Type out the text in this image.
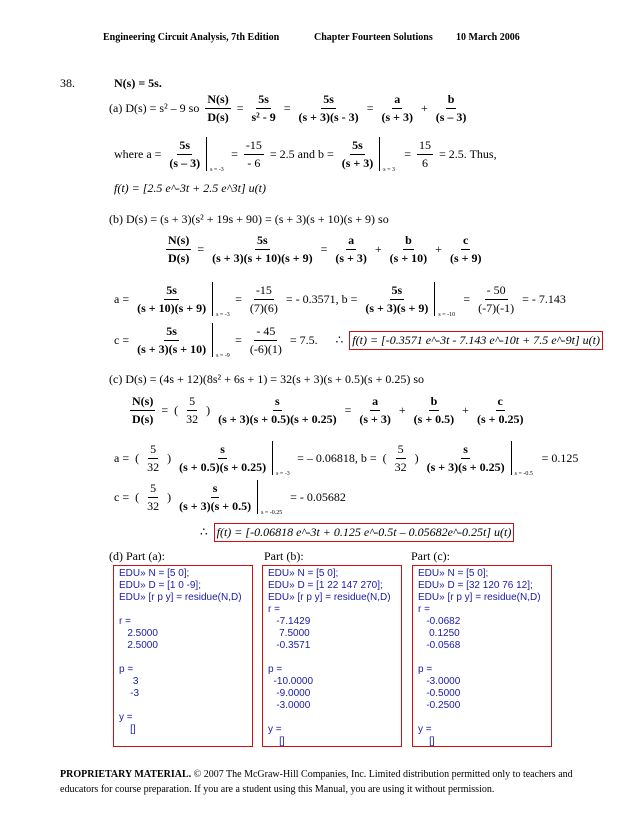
Engineering Circuit Analysis, 7th Edition	Chapter Fourteen Solutions 10 March 2006
38.	N(s) = 5s.
(a) D(s) = s² – 9 so $\frac{N(s)}{D(s)} = \frac{5s}{\text{s² - 9}} = \frac{5s}{(s + 3)(s - 3)} = \frac{a}{(s + 3)} + \frac{b}{(s - 3)}$
where $a = \frac{5s}{(s - 3)}$ s = -3
= $\frac{-15}{- 6} = 2.5$ and $b = \frac{5s}{(s + 3)}$ s = 3
= $\frac{15}{6} = 2.5$. Thus,
f(t) = [2.5 e^-3t + 2.5 e^3t] u(t)
(b) D(s) = (s + 3)(s² + 19s + 90) = (s + 3)(s + 10)(s + 9) so
$\frac{N(s)}{D(s)} = \frac{5s}{(s + 3)(s + 10)(s + 9)} = \frac{a}{(s + 3)} + \frac{b}{(s + 10)} + \frac{c}{(s + 9)}$
$a = \frac{5s}{(s + 10)(s + 9)}$ s = -3
= $\frac{-15}{(7)(6)}$ = - 0.3571, $b = \frac{5s}{(s + 3)(s + 9)}$ s = -10
= $\frac{- 50}{(-7)(-1)}$ = - 7.143
$c = \frac{5s}{(s + 3)(s + 10)}$ s = -9
= $\frac{- 45}{(-6)(1)} = 7.5$. ∴ f(t) = [-0.3571 e^-3t - 7.143 e^-10t + 7.5 e^-9t] u(t)
(c) D(s) = (4s + 12)(8s² + 6s + 1) = 32(s + 3)(s + 0.5)(s + 0.25) so
$\frac{N(s)}{D(s)}$ = ( $\frac{5}{32}$ ) $\frac{s}{(s + 3)(s + 0.5)(s + 0.25)} = \frac{a}{(s + 3)} + \frac{b}{(s + 0.5)} + \frac{c}{(s + 0.25)}$
a = ( $\frac{5}{32}$ ) $\frac{s}{(s + 0.5)(s + 0.25)}$ s = -3
= – 0.06818, b = ( $\frac{5}{32}$ ) $\frac{s}{(s + 3)(s + 0.25)}$ s = -0.5
= 0.125
c = ( $\frac{5}{32}$ ) $\frac{s}{(s + 3)(s + 0.5)}$ s = -0.25
= - 0.05682
∴ f(t) = [-0.06818 e^-3t + 0.125 e^-0.5t – 0.05682e^-0.25t] u(t)
(d) Part (a):	Part (b):	Part (c):
EDU» N = [5 0];
EDU» D = [1 0 -9];
EDU» [r p y] = residue(N,D)

r =
2.5000
2.5000

p =
3
-3

y =
[]
EDU» N = [5 0];
EDU» D = [1 22 147 270];
EDU» [r p y] = residue(N,D)
r =
-7.1429
7.5000
-0.3571

p =
-10.0000
-9.0000
-3.0000

y =
[]
EDU» N = [5 0];
EDU» D = [32 120 76 12];
EDU» [r p y] = residue(N,D)
r =
-0.0682
0.1250
-0.0568

p =
-3.0000
-0.5000
-0.2500

y =
[]
PROPRIETARY MATERIAL. © 2007 The McGraw-Hill Companies, Inc. Limited distribution permitted only to teachers and educators for course preparation. If you are a student using this Manual, you are using it without permission.
